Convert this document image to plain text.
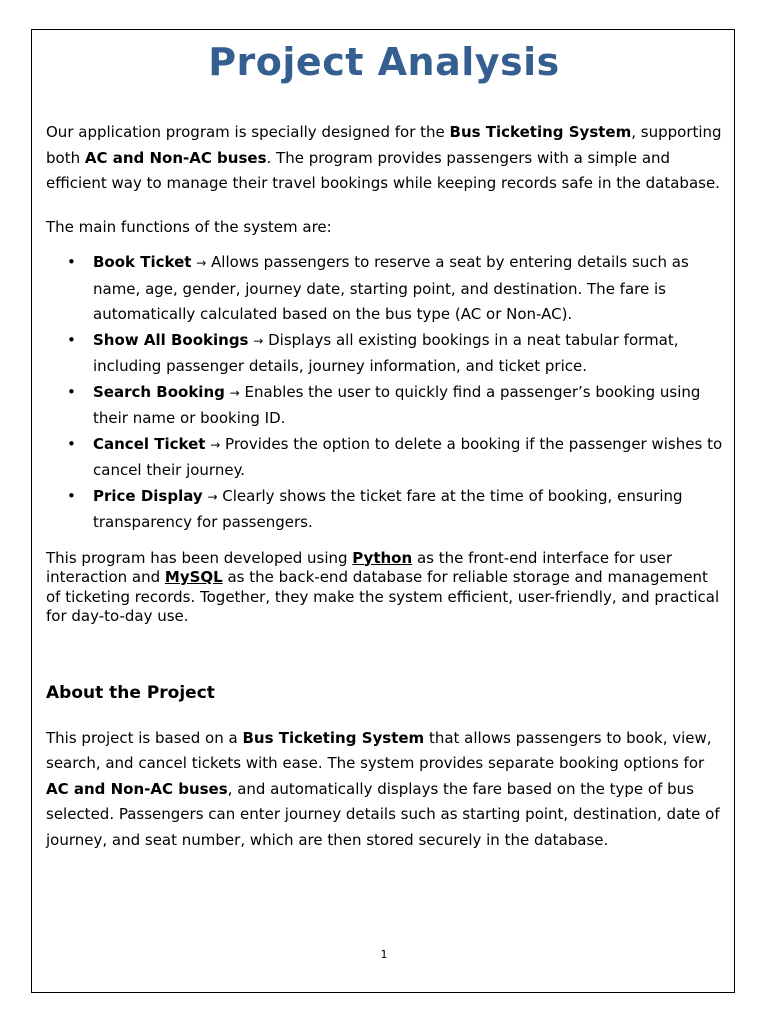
Project Analysis

Our application program is specially designed for the Bus Ticketing System, supporting both AC and Non-AC buses. The program provides passengers with a simple and efficient way to manage their travel bookings while keeping records safe in the database.

The main functions of the system are:

• Book Ticket → Allows passengers to reserve a seat by entering details such as name, age, gender, journey date, starting point, and destination. The fare is automatically calculated based on the bus type (AC or Non-AC).
• Show All Bookings → Displays all existing bookings in a neat tabular format, including passenger details, journey information, and ticket price.
• Search Booking → Enables the user to quickly find a passenger’s booking using their name or booking ID.
• Cancel Ticket → Provides the option to delete a booking if the passenger wishes to cancel their journey.
• Price Display → Clearly shows the ticket fare at the time of booking, ensuring transparency for passengers.

This program has been developed using Python as the front-end interface for user interaction and MySQL as the back-end database for reliable storage and management of ticketing records. Together, they make the system efficient, user-friendly, and practical for day-to-day use.

About the Project

This project is based on a Bus Ticketing System that allows passengers to book, view, search, and cancel tickets with ease. The system provides separate booking options for AC and Non-AC buses, and automatically displays the fare based on the type of bus selected. Passengers can enter journey details such as starting point, destination, date of journey, and seat number, which are then stored securely in the database.

1
